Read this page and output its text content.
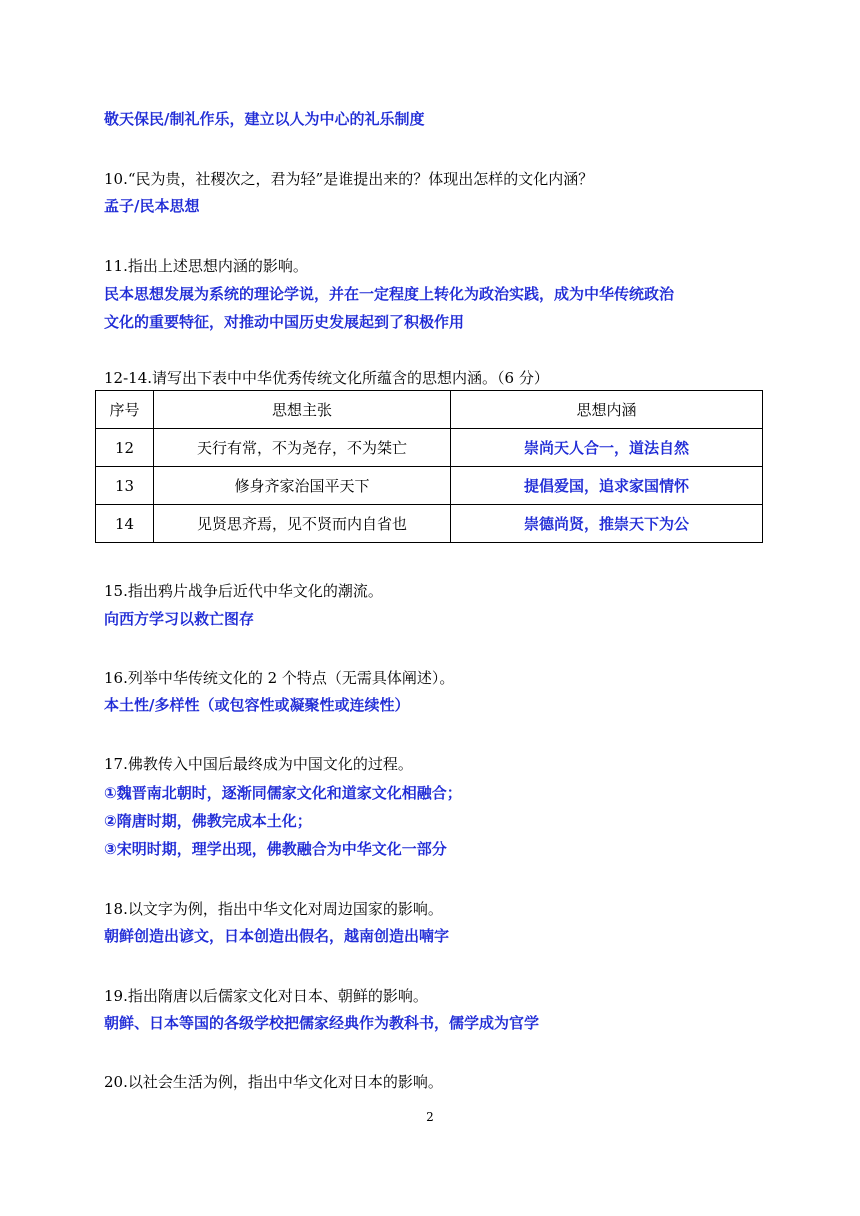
敬天保民/制礼作乐，建立以人为中心的礼乐制度
10.“民为贵，社稷次之，君为轻”是谁提出来的？体现出怎样的文化内涵？
孟子/民本思想
11.指出上述思想内涵的影响。
民本思想发展为系统的理论学说，并在一定程度上转化为政治实践，成为中华传统政治
文化的重要特征，对推动中国历史发展起到了积极作用
12-14.请写出下表中中华优秀传统文化所蕴含的思想内涵。（6 分）
序号	思想主张	思想内涵
12	天行有常，不为尧存，不为桀亡	崇尚天人合一，道法自然
13	修身齐家治国平天下	提倡爱国，追求家国情怀
14	见贤思齐焉，见不贤而内自省也	崇德尚贤，推崇天下为公
15.指出鸦片战争后近代中华文化的潮流。
向西方学习以救亡图存
16.列举中华传统文化的 2 个特点（无需具体阐述）。
本土性/多样性（或包容性或凝聚性或连续性）
17.佛教传入中国后最终成为中国文化的过程。
①魏晋南北朝时，逐渐同儒家文化和道家文化相融合；
②隋唐时期，佛教完成本土化；
③宋明时期，理学出现，佛教融合为中华文化一部分
18.以文字为例，指出中华文化对周边国家的影响。
朝鲜创造出谚文，日本创造出假名，越南创造出喃字
19.指出隋唐以后儒家文化对日本、朝鲜的影响。
朝鲜、日本等国的各级学校把儒家经典作为教科书，儒学成为官学
20.以社会生活为例，指出中华文化对日本的影响。
2
